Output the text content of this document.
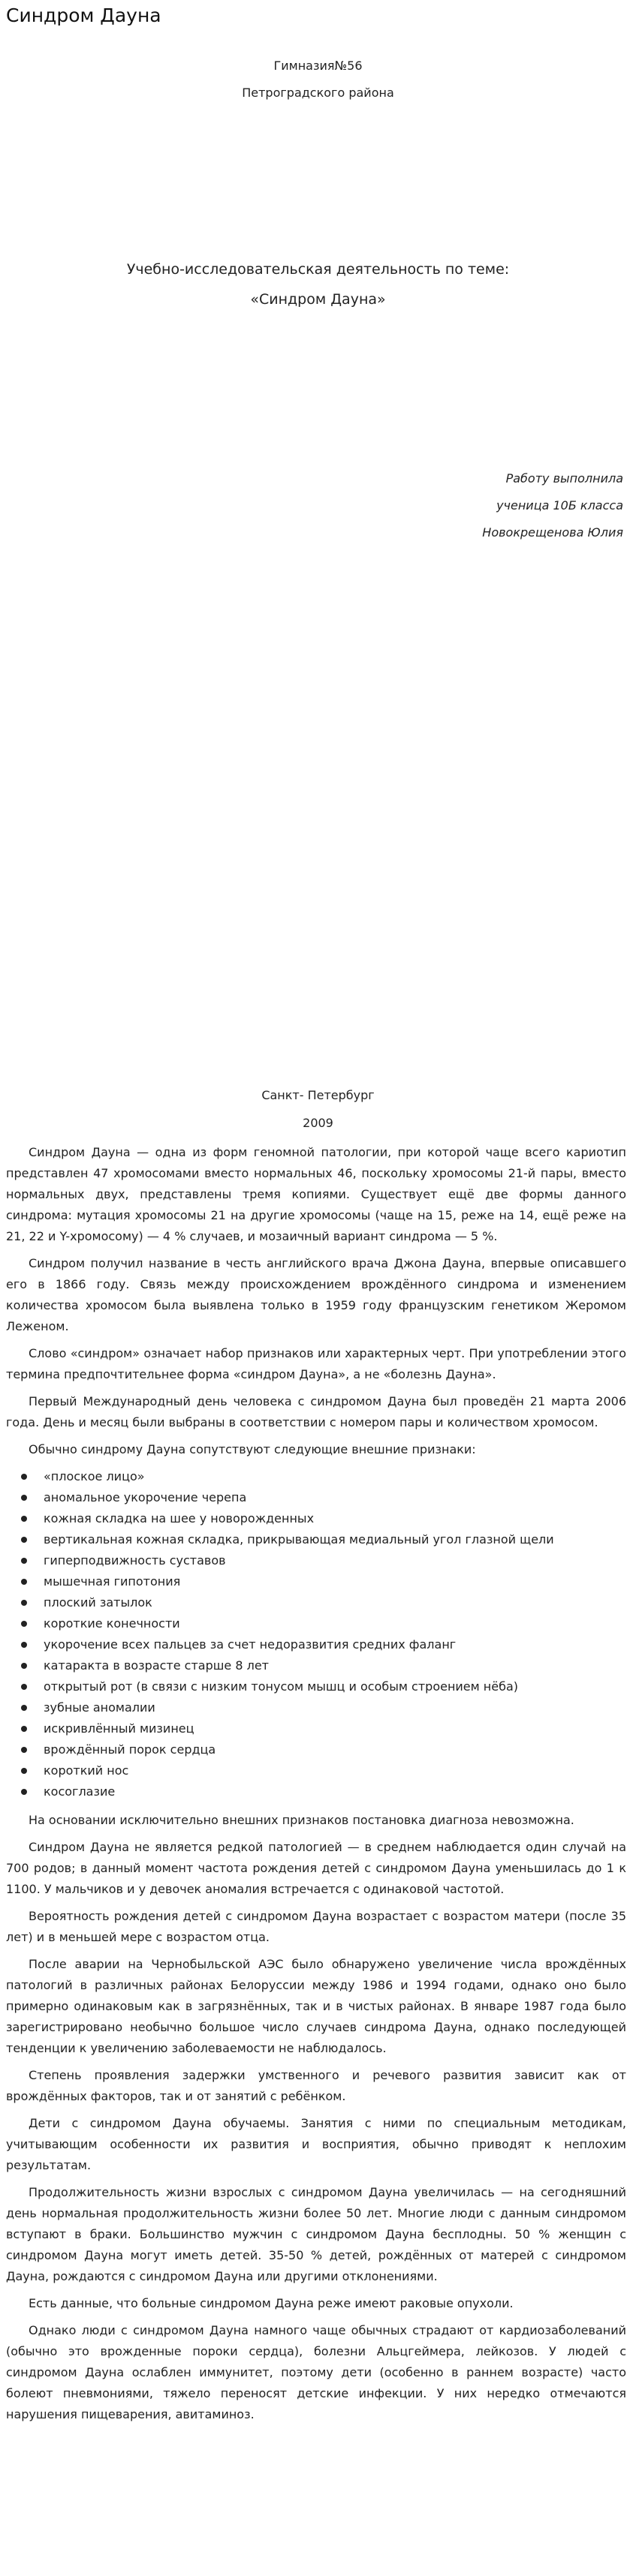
Синдром Дауна

Гимназия№56

Петроградского района

Учебно-исследовательская деятельность по теме:

«Синдром Дауна»

Работу выполнила

ученица 10Б класса

Новокрещенова Юлия

Санкт- Петербург

2009

Синдром Дауна — одна из форм геномной патологии, при которой чаще всего кариотип представлен 47 хромосомами вместо нормальных 46, поскольку хромосомы 21-й пары, вместо нормальных двух, представлены тремя копиями. Существует ещё две формы данного синдрома: мутация хромосомы 21 на другие хромосомы (чаще на 15, реже на 14, ещё реже на 21, 22 и Y-хромосому) — 4 % случаев, и мозаичный вариант синдрома — 5 %.

Синдром получил название в честь английского врача Джона Дауна, впервые описавшего его в 1866 году. Связь между происхождением врождённого синдрома и изменением количества хромосом была выявлена только в 1959 году французским генетиком Жеромом Леженом.

Слово «синдром» означает набор признаков или характерных черт. При употреблении этого термина предпочтительнее форма «синдром Дауна», а не «болезнь Дауна».

Первый Международный день человека с синдромом Дауна был проведён 21 марта 2006 года. День и месяц были выбраны в соответствии с номером пары и количеством хромосом.

Обычно синдрому Дауна сопутствуют следующие внешние признаки:

«плоское лицо»
аномальное укорочение черепа
кожная складка на шее у новорожденных
вертикальная кожная складка, прикрывающая медиальный угол глазной щели
гиперподвижность суставов
мышечная гипотония
плоский затылок
короткие конечности
укорочение всех пальцев за счет недоразвития средних фаланг
катаракта в возрасте старше 8 лет
открытый рот (в связи с низким тонусом мышц и особым строением нёба)
зубные аномалии
искривлённый мизинец
врождённый порок сердца
короткий нос
косоглазие

На основании исключительно внешних признаков постановка диагноза невозможна.

Синдром Дауна не является редкой патологией — в среднем наблюдается один случай на 700 родов; в данный момент частота рождения детей с синдромом Дауна уменьшилась до 1 к 1100. У мальчиков и у девочек аномалия встречается с одинаковой частотой.

Вероятность рождения детей с синдромом Дауна возрастает с возрастом матери (после 35 лет) и в меньшей мере с возрастом отца.

После аварии на Чернобыльской АЭС было обнаружено увеличение числа врождённых патологий в различных районах Белоруссии между 1986 и 1994 годами, однако оно было примерно одинаковым как в загрязнённых, так и в чистых районах. В январе 1987 года было зарегистрировано необычно большое число случаев синдрома Дауна, однако последующей тенденции к увеличению заболеваемости не наблюдалось.

Степень проявления задержки умственного и речевого развития зависит как от врождённых факторов, так и от занятий с ребёнком.

Дети с синдромом Дауна обучаемы. Занятия с ними по специальным методикам, учитывающим особенности их развития и восприятия, обычно приводят к неплохим результатам.

Продолжительность жизни взрослых с синдромом Дауна увеличилась — на сегодняшний день нормальная продолжительность жизни более 50 лет. Многие люди с данным синдромом вступают в браки. Большинство мужчин с синдромом Дауна бесплодны. 50 % женщин с синдромом Дауна могут иметь детей. 35-50 % детей, рождённых от матерей с синдромом Дауна, рождаются с синдромом Дауна или другими отклонениями.

Есть данные, что больные синдромом Дауна реже имеют раковые опухоли.

Однако люди с синдромом Дауна намного чаще обычных страдают от кардиозаболеваний (обычно это врожденные пороки сердца), болезни Альцгеймера, лейкозов. У людей с синдромом Дауна ослаблен иммунитет, поэтому дети (особенно в раннем возрасте) часто болеют пневмониями, тяжело переносят детские инфекции. У них нередко отмечаются нарушения пищеварения, авитаминоз.
